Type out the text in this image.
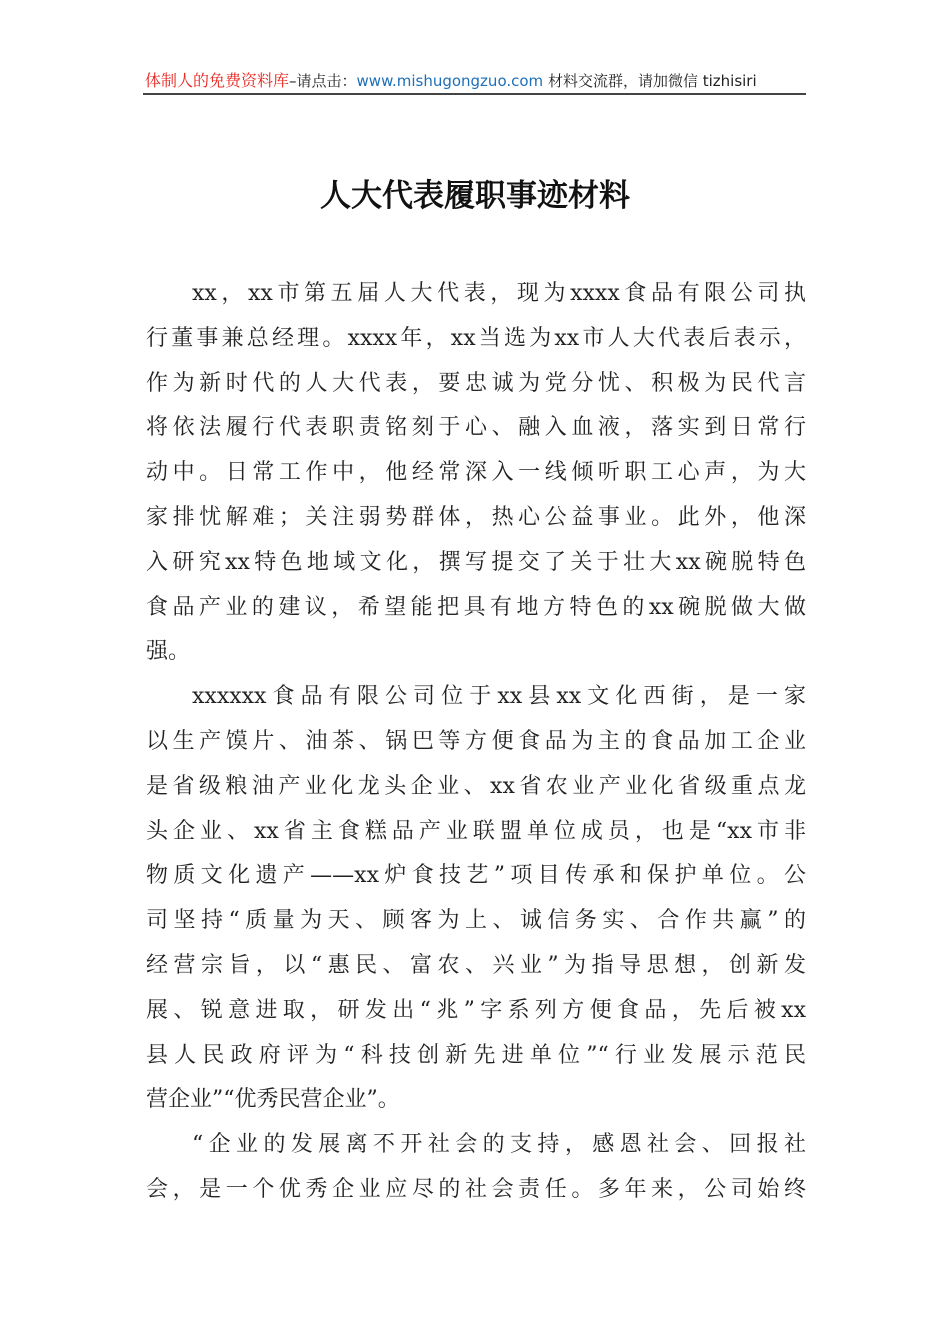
体制人的免费资料库–请点击：www.mishugongzuo.com 材料交流群，请加微信 tizhisiri
人大代表履职事迹材料
xx，xx市第五届人大代表，现为xxxx食品有限公司执
行董事兼总经理。xxxx年，xx当选为xx市人大代表后表示，
作为新时代的人大代表，要忠诚为党分忧、积极为民代言
将依法履行代表职责铭刻于心、融入血液，落实到日常行
动中。日常工作中，他经常深入一线倾听职工心声，为大
家排忧解难；关注弱势群体，热心公益事业。此外，他深
入研究xx特色地域文化，撰写提交了关于壮大xx碗脱特色
食品产业的建议，希望能把具有地方特色的xx碗脱做大做
强。
xxxxxx食品有限公司位于xx县xx文化西街，是一家
以生产馍片、油茶、锅巴等方便食品为主的食品加工企业
是省级粮油产业化龙头企业、xx省农业产业化省级重点龙
头企业、xx省主食糕品产业联盟单位成员，也是“xx市非
物质文化遗产——xx炉食技艺”项目传承和保护单位。公
司坚持“质量为天、顾客为上、诚信务实、合作共赢”的
经营宗旨，以“惠民、富农、兴业”为指导思想，创新发
展、锐意进取，研发出“兆”字系列方便食品，先后被xx
县人民政府评为“科技创新先进单位”“行业发展示范民
营企业”“优秀民营企业”。
“企业的发展离不开社会的支持，感恩社会、回报社
会，是一个优秀企业应尽的社会责任。多年来，公司始终
